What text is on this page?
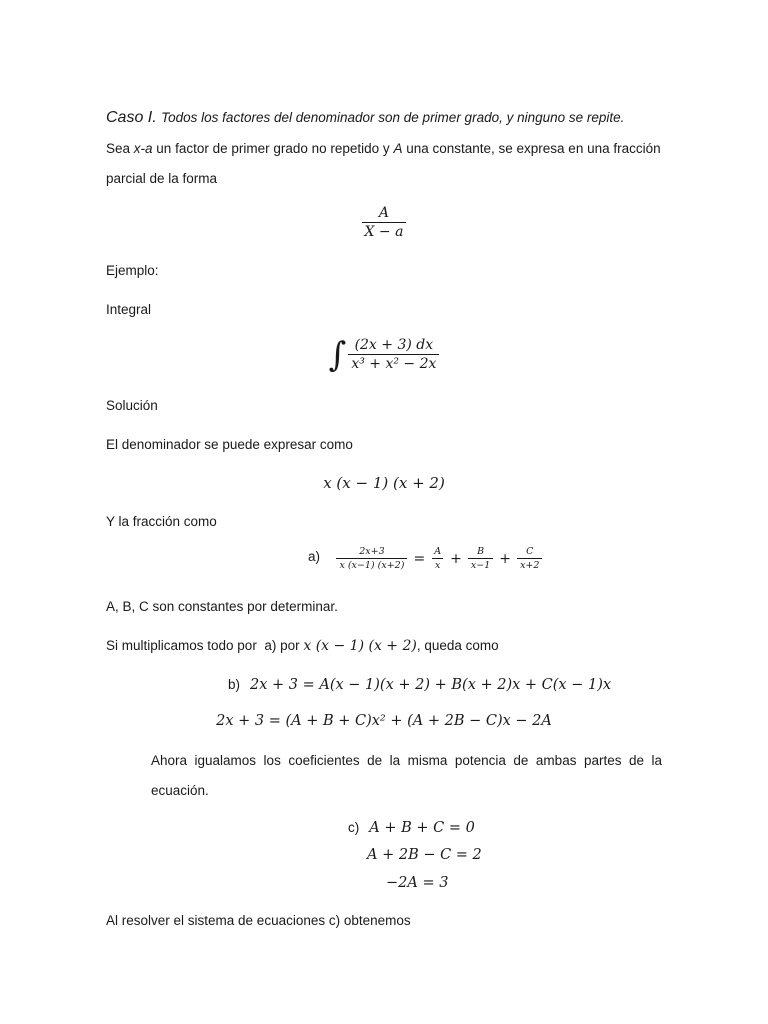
Caso I. Todos los factores del denominador son de primer grado, y ninguno se repite.
Sea x-a un factor de primer grado no repetido y A una constante, se expresa en una fracción
parcial de la forma
$\frac{A}{X - a}$
Ejemplo:
Integral
∫ $\frac{(2x + 3) dx}{\text{x³ + x² − 2x}}$
Solución
El denominador se puede expresar como
x (x − 1) (x + 2)
Y la fracción como
$a) \frac{2x+3}{x (x-1) (x+2)} = \frac{A}{x} + \frac{B}{x-1} + \frac{C}{x+2}$
A, B, C son constantes por determinar.
Si multiplicamos todo por  a) por x (x − 1) (x + 2), queda como
b) 2x + 3 = A(x − 1)(x + 2) + B(x + 2)x + C(x − 1)x
2x + 3 = (A + B + C)x² + (A + 2B − C)x − 2A
Ahora igualamos los coeficientes de la misma potencia de ambas partes de la ecuación.
c) A + B + C = 0
A + 2B − C = 2
−2A = 3
Al resolver el sistema de ecuaciones c) obtenemos
